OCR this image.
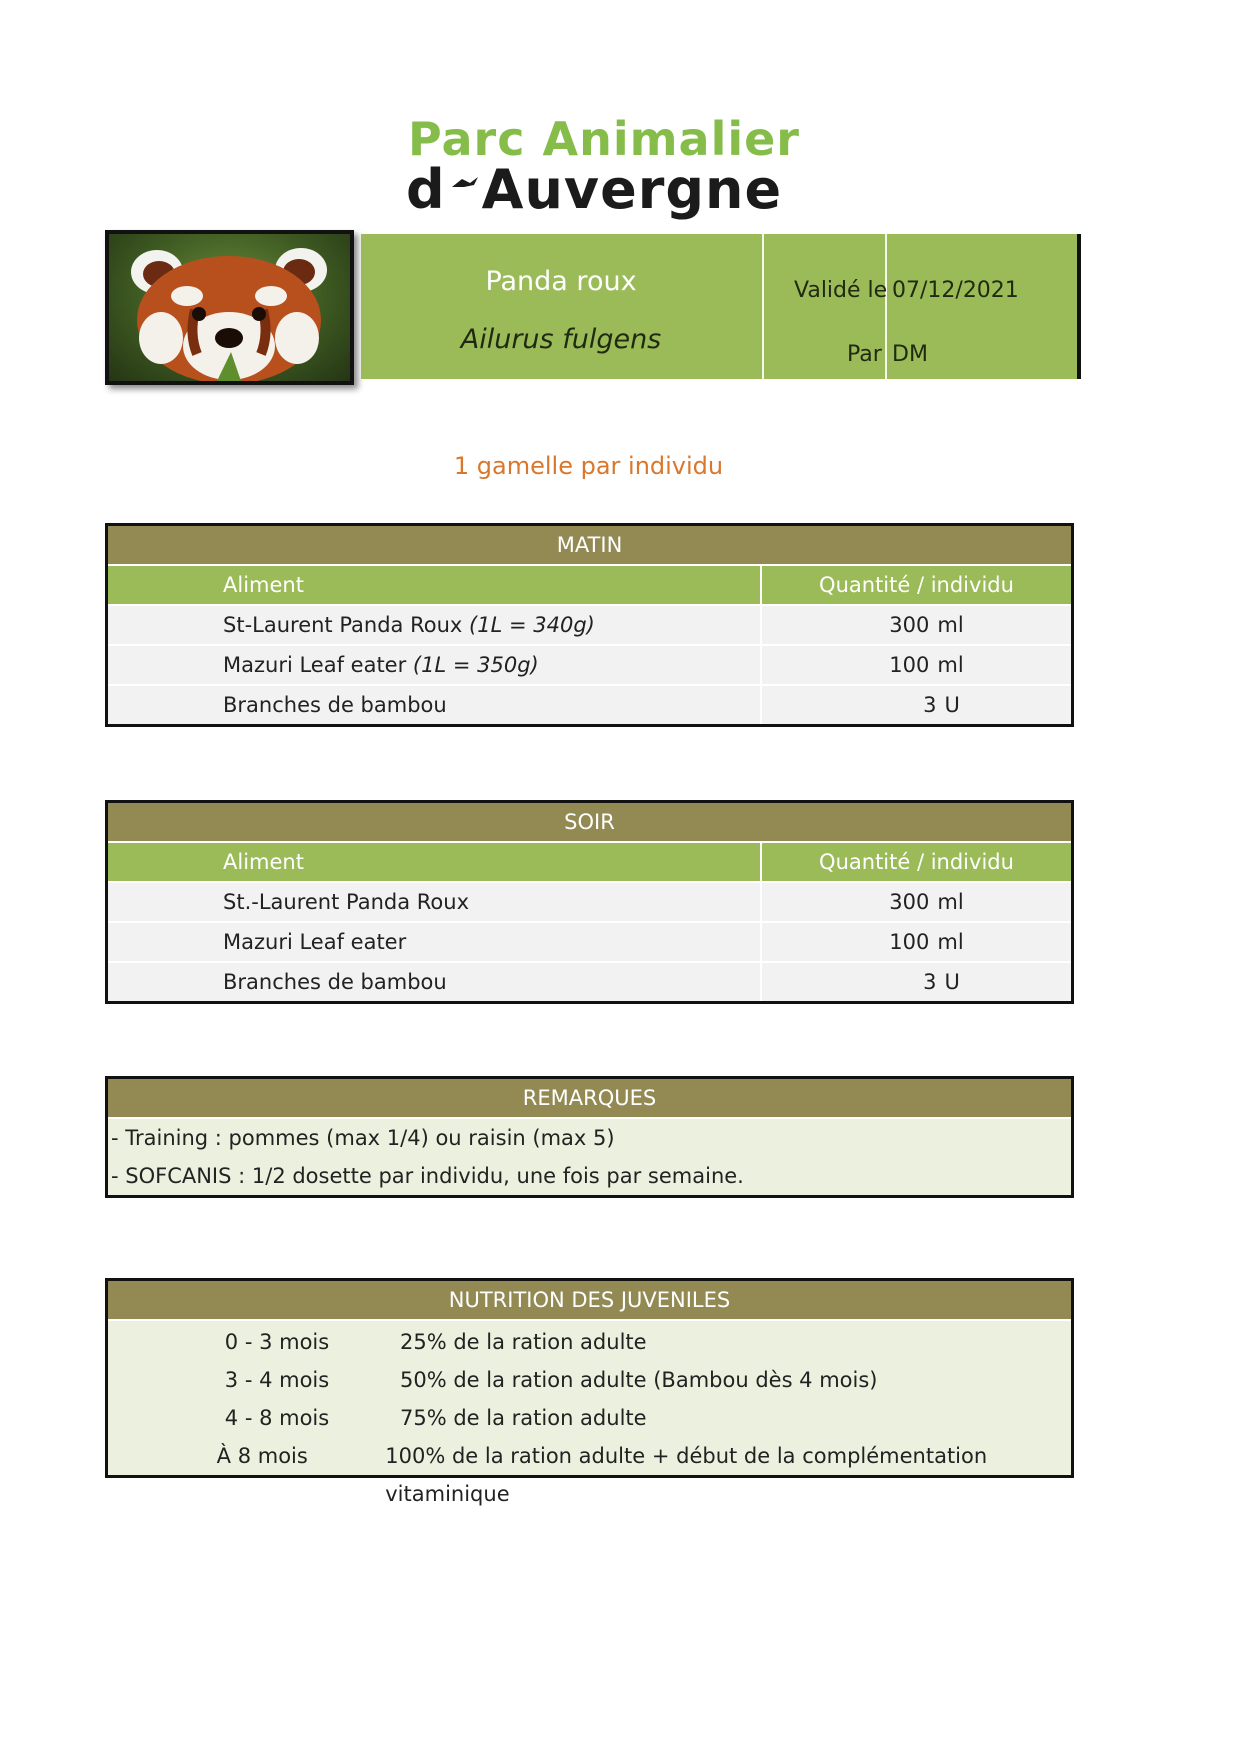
Parc Animalier
d A uvergne
Panda roux
Ailurus fulgens
Validé le 07/12/2021
Par DM
1 gamelle par individu
MATIN
Aliment	Quantité / individu
St-Laurent Panda Roux (1L = 340g)	300 ml
Mazuri Leaf eater (1L = 350g)	100 ml
Branches de bambou	3 U
SOIR
Aliment	Quantité / individu
St.-Laurent Panda Roux	300 ml
Mazuri Leaf eater	100 ml
Branches de bambou	3 U
REMARQUES
- Training : pommes (max 1/4) ou raisin (max 5)
- SOFCANIS : 1/2 dosette par individu, une fois par semaine.
NUTRITION DES JUVENILES
0 - 3 mois	25% de la ration adulte
3 - 4 mois	50% de la ration adulte (Bambou dès 4 mois)
4 - 8 mois	75% de la ration adulte
À 8 mois	100% de la ration adulte + début de la complémentation vitaminique
